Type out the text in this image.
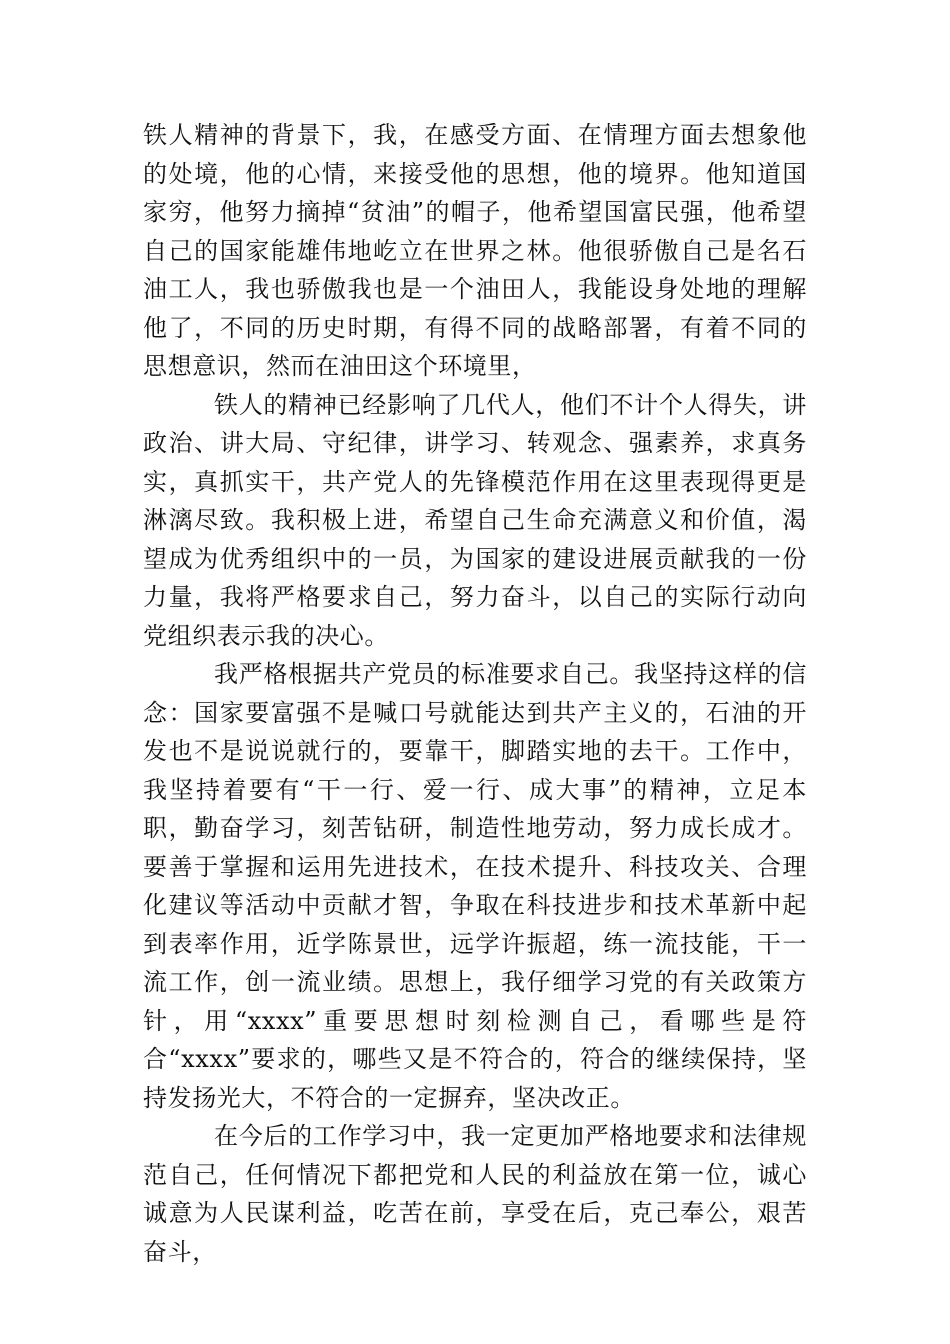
铁人精神的背景下，我，在感受方面、在情理方面去想象他的处境，他的心情，来接受他的思想，他的境界。他知道国家穷，他努力摘掉“贫油”的帽子，他希望国富民强，他希望自己的国家能雄伟地屹立在世界之林。他很骄傲自己是名石油工人，我也骄傲我也是一个油田人，我能设身处地的理解他了，不同的历史时期，有得不同的战略部署，有着不同的思想意识，然而在油田这个环境里，

铁人的精神已经影响了几代人，他们不计个人得失，讲政治、讲大局、守纪律，讲学习、转观念、强素养，求真务实，真抓实干，共产党人的先锋模范作用在这里表现得更是淋漓尽致。我积极上进，希望自己生命充满意义和价值，渴望成为优秀组织中的一员，为国家的建设进展贡献我的一份力量，我将严格要求自己，努力奋斗，以自己的实际行动向党组织表示我的决心。

我严格根据共产党员的标准要求自己。我坚持这样的信念：国家要富强不是喊口号就能达到共产主义的，石油的开发也不是说说就行的，要靠干，脚踏实地的去干。工作中，我坚持着要有“干一行、爱一行、成大事”的精神，立足本职，勤奋学习，刻苦钻研，制造性地劳动，努力成长成才。要善于掌握和运用先进技术，在技术提升、科技攻关、合理化建议等活动中贡献才智，争取在科技进步和技术革新中起到表率作用，近学陈景世，远学许振超，练一流技能，干一流工作，创一流业绩。思想上，我仔细学习党的有关政策方针，用“xxxx”重要思想时刻检测自己，看哪些是符合“xxxx”要求的，哪些又是不符合的，符合的继续保持，坚持发扬光大，不符合的一定摒弃，坚决改正。

在今后的工作学习中，我一定更加严格地要求和法律规范自己，任何情况下都把党和人民的利益放在第一位，诚心诚意为人民谋利益，吃苦在前，享受在后，克己奉公，艰苦奋斗，
